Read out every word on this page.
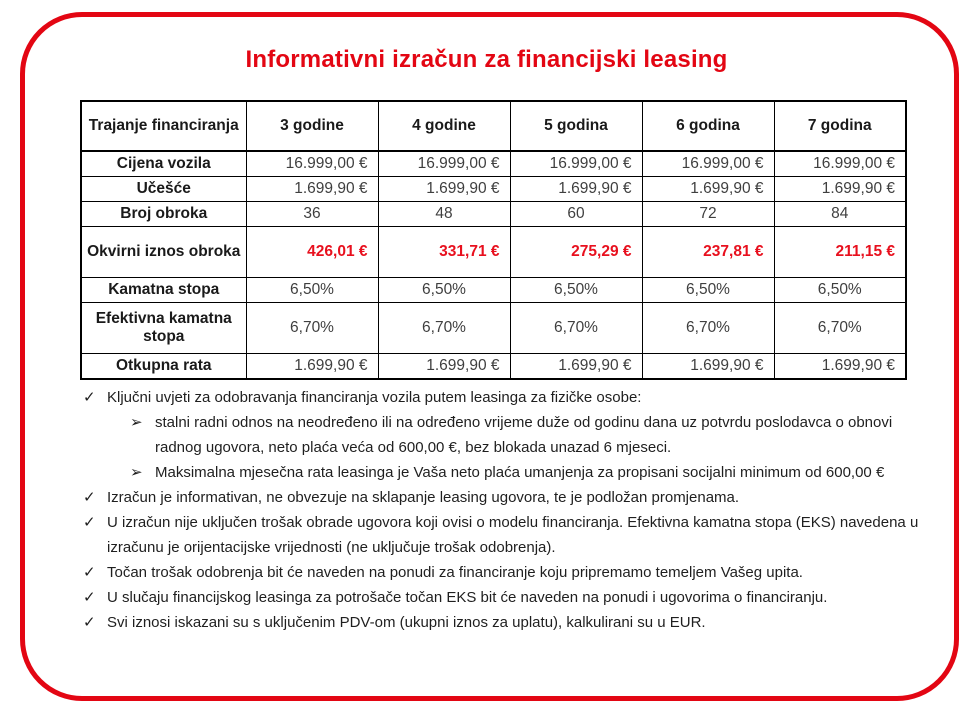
Informativni izračun za financijski leasing
Trajanje financiranja	3 godine	4 godine	5 godina	6 godina	7 godina
Cijena vozila	16.999,00 €	16.999,00 €	16.999,00 €	16.999,00 €	16.999,00 €
Učešće	1.699,90 €	1.699,90 €	1.699,90 €	1.699,90 €	1.699,90 €
Broj obroka	36	48	60	72	84
Okvirni iznos obroka	426,01 €	331,71 €	275,29 €	237,81 €	211,15 €
Kamatna stopa	6,50%	6,50%	6,50%	6,50%	6,50%
Efektivna kamatna stopa	6,70%	6,70%	6,70%	6,70%	6,70%
Otkupna rata	1.699,90 €	1.699,90 €	1.699,90 €	1.699,90 €	1.699,90 €
✓ Ključni uvjeti za odobravanja financiranja vozila putem leasinga za fizičke osobe:
➢ stalni radni odnos na neodređeno ili na određeno vrijeme duže od godinu dana uz potvrdu poslodavca o obnovi radnog ugovora, neto plaća veća od 600,00 €, bez blokada unazad 6 mjeseci.
➢ Maksimalna mjesečna rata leasinga je Vaša neto plaća umanjenja za propisani socijalni minimum od 600,00 €
✓ Izračun je informativan, ne obvezuje na sklapanje leasing ugovora, te je podložan promjenama.
✓ U izračun nije uključen trošak obrade ugovora koji ovisi o modelu financiranja. Efektivna kamatna stopa (EKS) navedena u izračunu je orijentacijske vrijednosti (ne uključuje trošak odobrenja).
✓ Točan trošak odobrenja bit će naveden na ponudi za financiranje koju pripremamo temeljem Vašeg upita.
✓ U slučaju financijskog leasinga za potrošače točan EKS bit će naveden na ponudi i ugovorima o financiranju.
✓ Svi iznosi iskazani su s uključenim PDV-om (ukupni iznos za uplatu), kalkulirani su u EUR.
